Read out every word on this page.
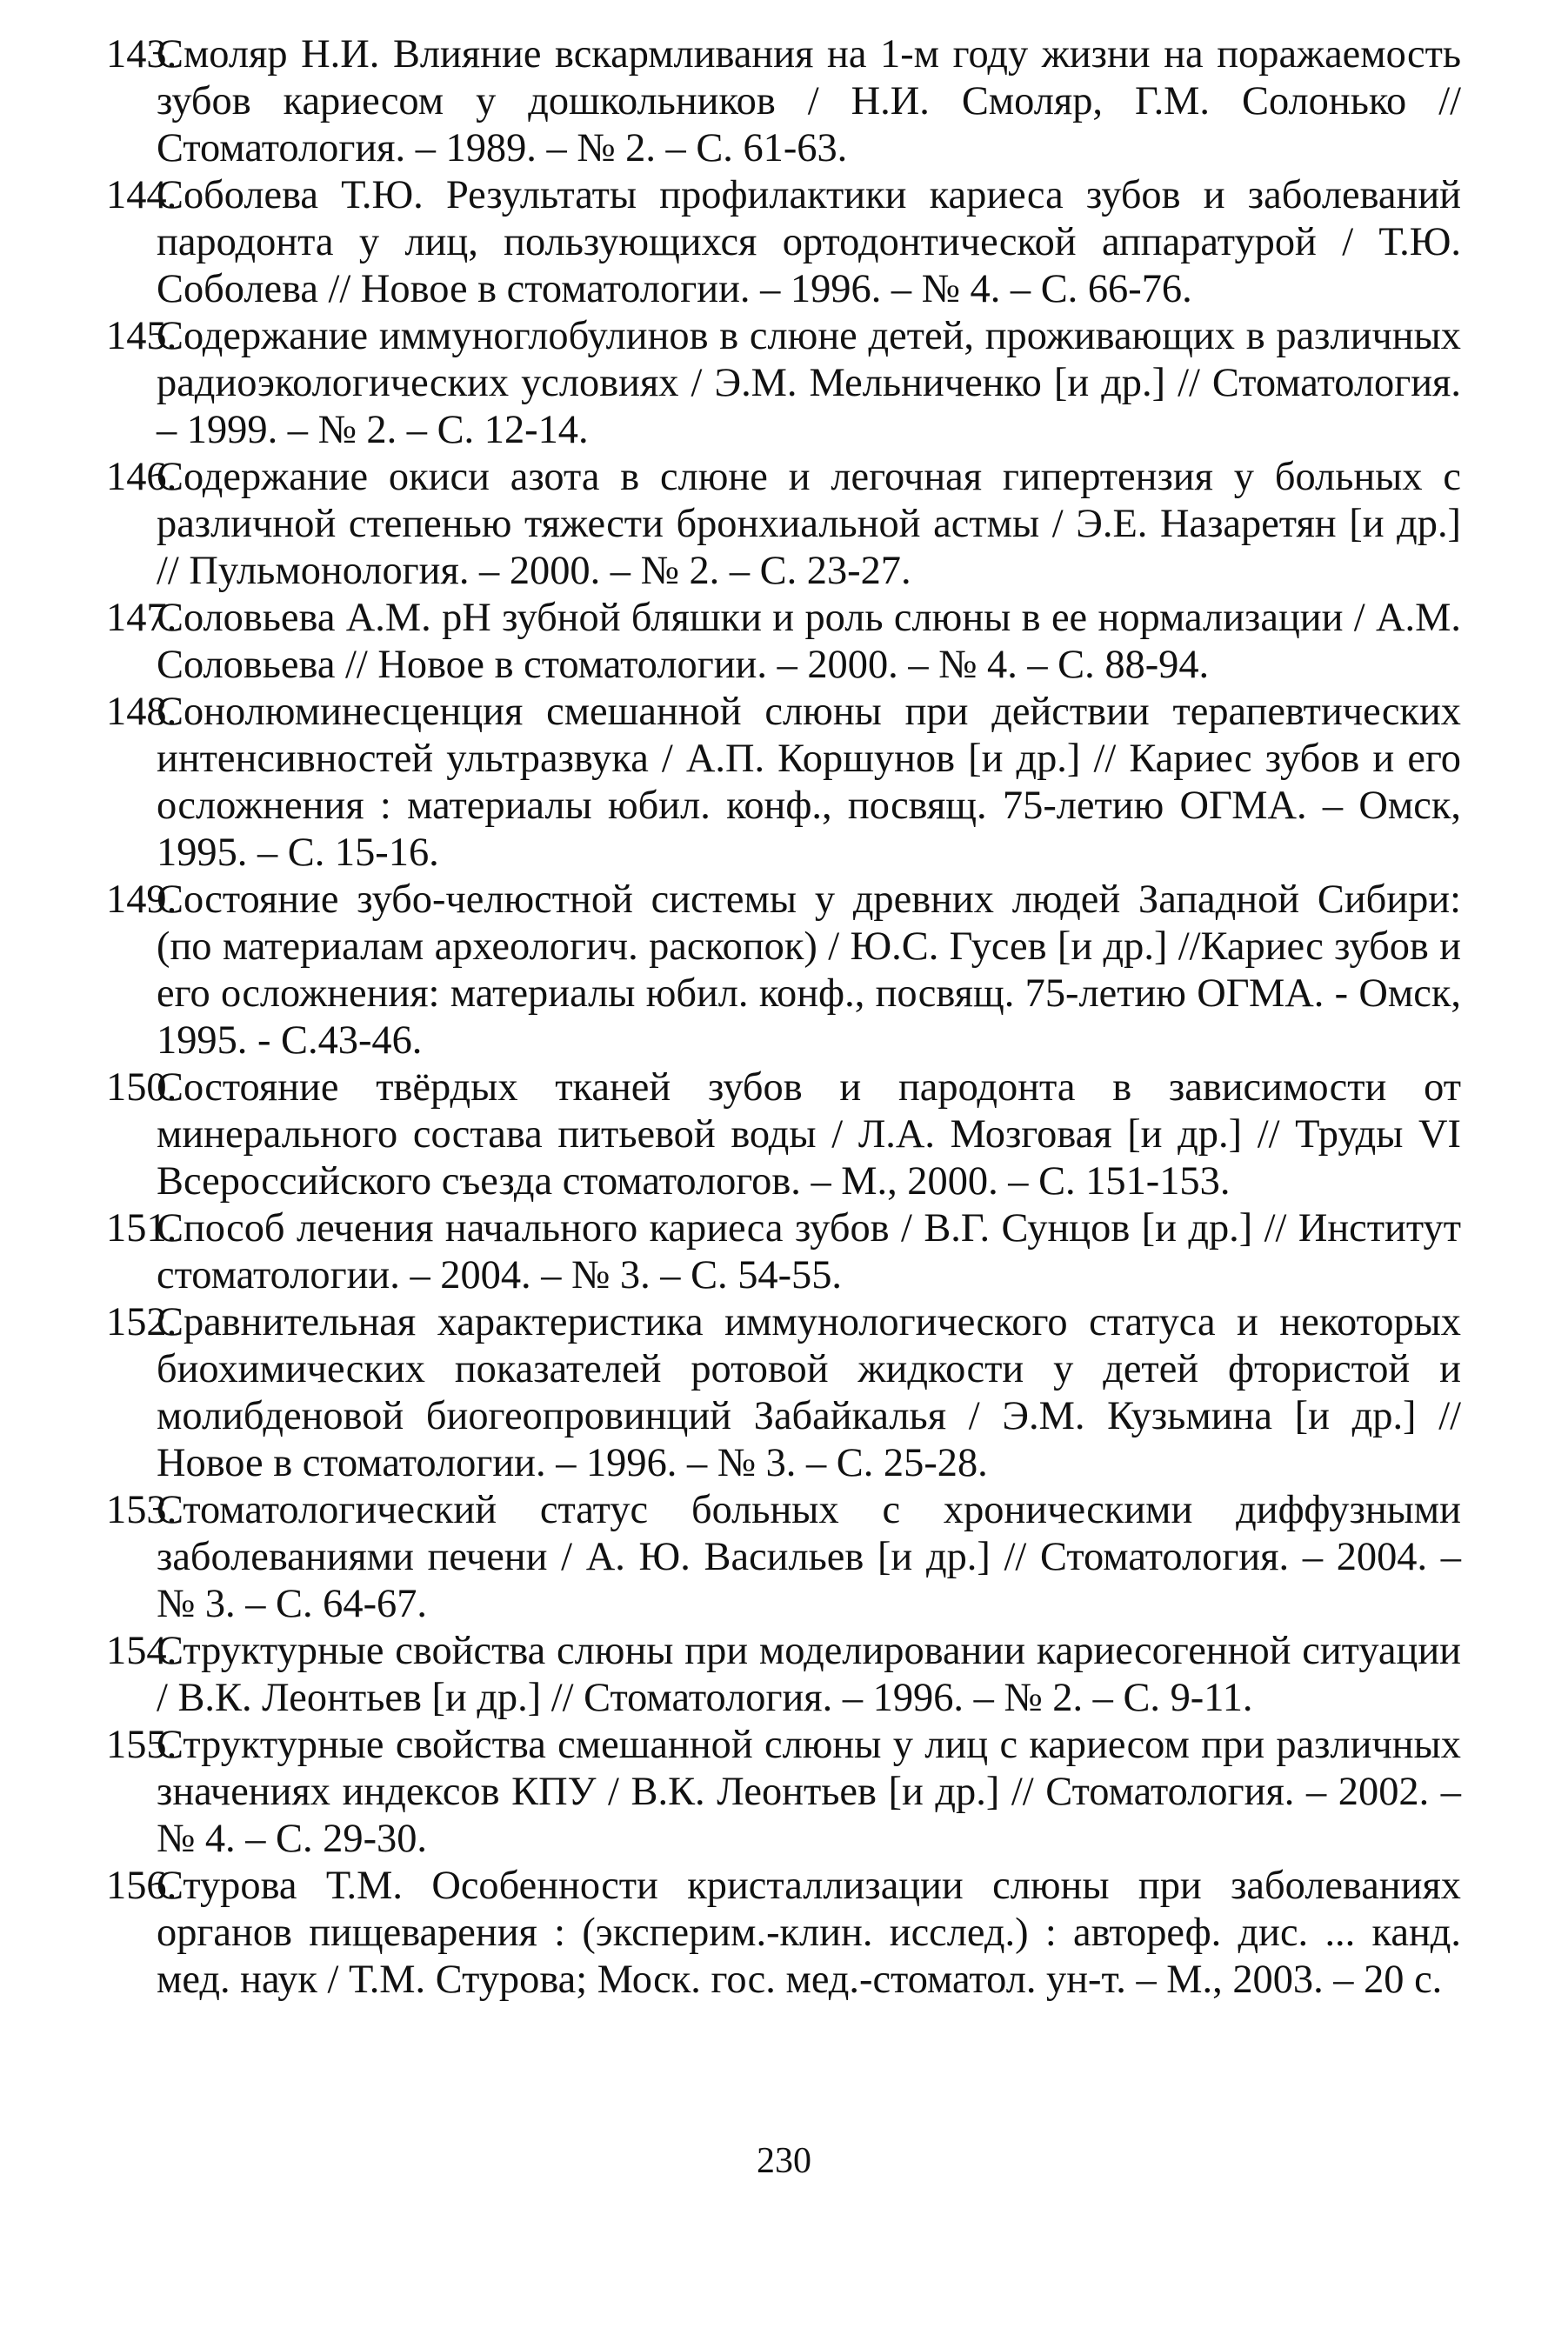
143.
Смоляр Н.И. Влияние вскармливания на 1-м году жизни на поражаемость зубов кариесом у дошкольников / Н.И. Смоляр, Г.М. Солонько // Стоматология. – 1989. – № 2. – С. 61-63.
144.
Соболева Т.Ю. Результаты профилактики кариеса зубов и заболеваний пародонта у лиц, пользующихся ортодонтической аппаратурой / Т.Ю. Соболева // Новое в стоматологии. – 1996. – № 4. – С. 66-76.
145.
Содержание иммуноглобулинов в слюне детей, проживающих в различных радиоэкологических условиях / Э.М. Мельниченко [и др.] // Стоматология. – 1999. – № 2. – С. 12-14.
146.
Содержание окиси азота в слюне и легочная гипертензия у больных с различной степенью тяжести бронхиальной астмы / Э.Е. Назаретян [и др.] // Пульмонология. – 2000. – № 2. – С. 23-27.
147.
Соловьева А.М. pH зубной бляшки и роль слюны в ее нормализации / А.М. Соловьева // Новое в стоматологии. – 2000. – № 4. – С. 88-94.
148.
Сонолюминесценция смешанной слюны при действии терапевтических интенсивностей ультразвука / А.П. Коршунов [и др.] // Кариес зубов и его осложнения : материалы юбил. конф., посвящ. 75-летию ОГМА. – Омск, 1995. – С. 15-16.
149.
Состояние зубо-челюстной системы у древних людей Западной Сибири: (по материалам археологич. раскопок) / Ю.С. Гусев [и др.] //Кариес зубов и его осложнения: материалы юбил. конф., посвящ. 75-летию ОГМА. - Омск, 1995. - С.43-46.
150.
Состояние твёрдых тканей зубов и пародонта в зависимости от минерального состава питьевой воды / Л.А. Мозговая [и др.] // Труды VI Всероссийского съезда стоматологов. – М., 2000. – С. 151-153.
151.
Способ лечения начального кариеса зубов / В.Г. Сунцов [и др.] // Институт стоматологии. – 2004. – № 3. – С. 54-55.
152.
Сравнительная характеристика иммунологического статуса и некоторых биохимических показателей ротовой жидкости у детей фтористой и молибденовой биогеопровинций Забайкалья / Э.М. Кузьмина [и др.] // Новое в стоматологии. – 1996. – № 3. – С. 25-28.
153.
Стоматологический статус больных с хроническими диффузными заболеваниями печени / А. Ю. Васильев [и др.] // Стоматология. – 2004. – № 3. – С. 64-67.
154.
Структурные свойства слюны при моделировании кариесогенной ситуации / В.К. Леонтьев [и др.] // Стоматология. – 1996. – № 2. – С. 9-11.
155.
Структурные свойства смешанной слюны у лиц с кариесом при различных значениях индексов КПУ / В.К. Леонтьев [и др.] // Стоматология. – 2002. – № 4. – С. 29-30.
156.
Стурова Т.М. Особенности кристаллизации слюны при заболеваниях органов пищеварения : (эксперим.-клин. исслед.) : автореф. дис. ... канд. мед. наук / Т.М. Стурова; Моск. гос. мед.-стоматол. ун-т. – М., 2003. – 20 с.
230
